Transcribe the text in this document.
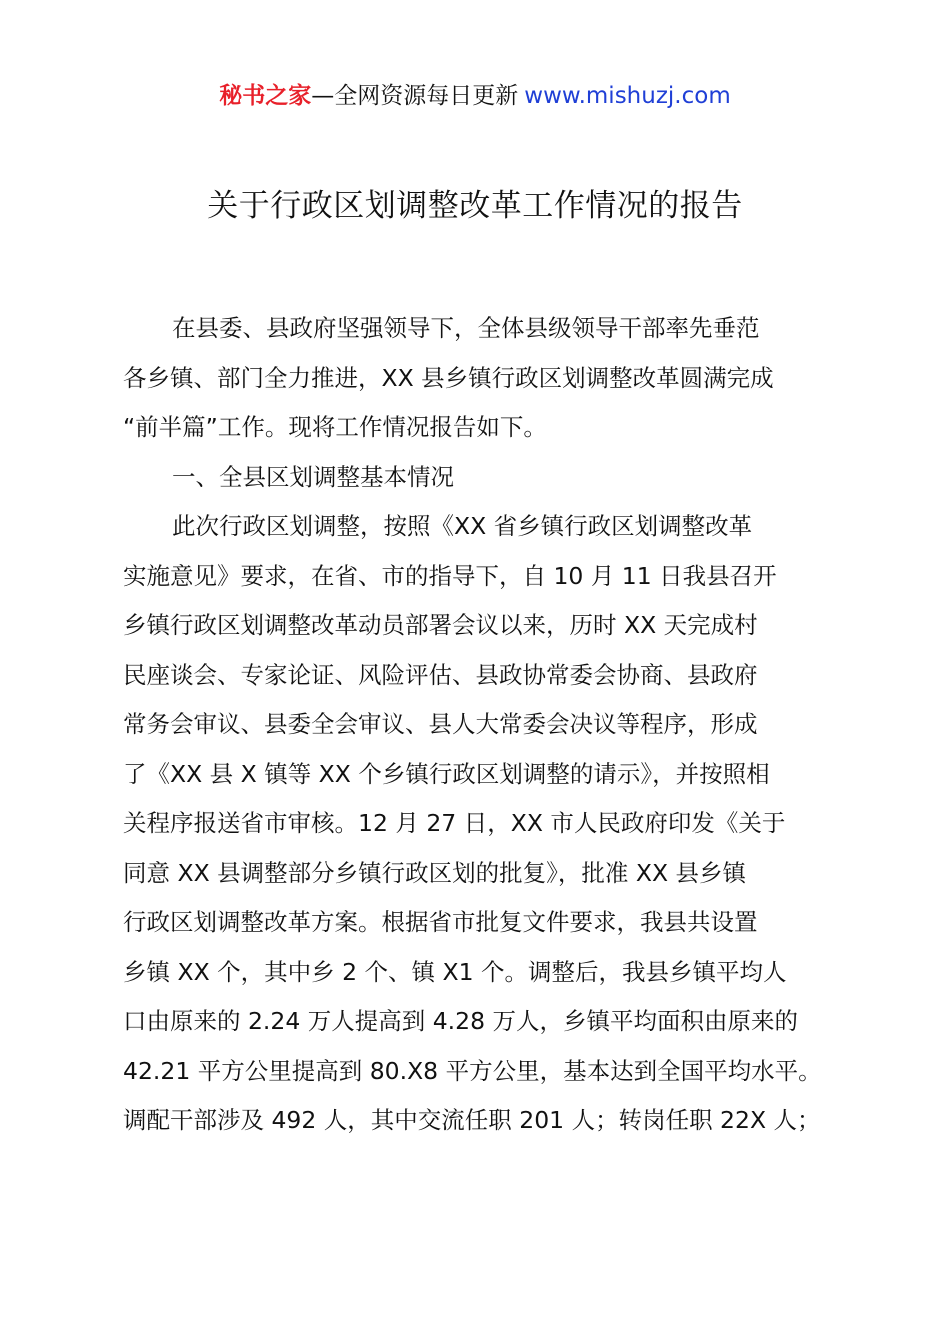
秘书之家—全网资源每日更新 www.mishuzj.com
关于行政区划调整改革工作情况的报告
在县委、县政府坚强领导下，全体县级领导干部率先垂范
各乡镇、部门全力推进，XX 县乡镇行政区划调整改革圆满完成
“前半篇”工作。现将工作情况报告如下。
一、全县区划调整基本情况
此次行政区划调整，按照《XX 省乡镇行政区划调整改革
实施意见》要求，在省、市的指导下，自 10 月 11 日我县召开
乡镇行政区划调整改革动员部署会议以来，历时 XX 天完成村
民座谈会、专家论证、风险评估、县政协常委会协商、县政府
常务会审议、县委全会审议、县人大常委会决议等程序，形成
了《XX 县 X 镇等 XX 个乡镇行政区划调整的请示》，并按照相
关程序报送省市审核。12 月 27 日，XX 市人民政府印发《关于
同意 XX 县调整部分乡镇行政区划的批复》，批准 XX 县乡镇
行政区划调整改革方案。根据省市批复文件要求，我县共设置
乡镇 XX 个，其中乡 2 个、镇 X1 个。调整后，我县乡镇平均人
口由原来的 2.24 万人提高到 4.28 万人，乡镇平均面积由原来的
42.21 平方公里提高到 80.X8 平方公里，基本达到全国平均水平。
调配干部涉及 492 人，其中交流任职 201 人；转岗任职 22X 人；
